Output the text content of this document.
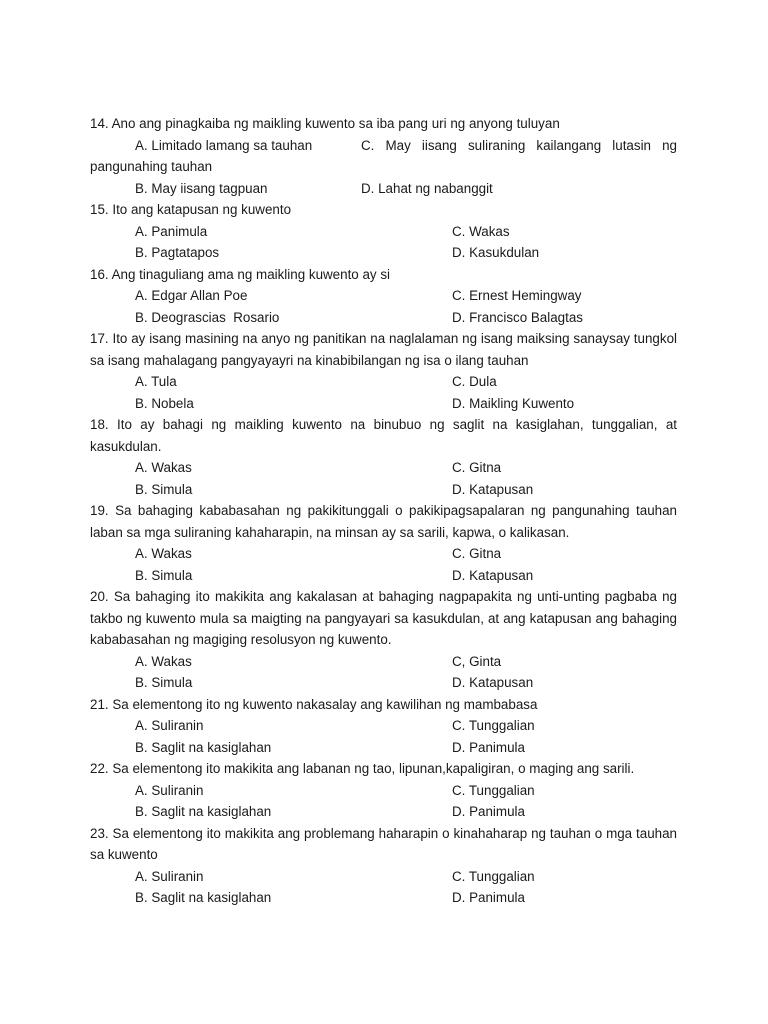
14. Ano ang pinagkaiba ng maikling kuwento sa iba pang uri ng anyong tuluyan

A. Limitado lamang sa tauhan	C. May iisang suliraning kailangang lutasin ng pangunahing tauhan
B. May iisang tagpuan	D. Lahat ng nabanggit

15. Ito ang katapusan ng kuwento

A. Panimula	C. Wakas
B. Pagtatapos	D. Kasukdulan

16. Ang tinaguliang ama ng maikling kuwento ay si

A. Edgar Allan Poe	C. Ernest Hemingway
B. Deograscias  Rosario	D. Francisco Balagtas

17. Ito ay isang masining na anyo ng panitikan na naglalaman ng isang maiksing sanaysay tungkol sa isang mahalagang pangyayayri na kinabibilangan ng isa o ilang tauhan

A. Tula	C. Dula
B. Nobela	D. Maikling Kuwento

18. Ito ay bahagi ng maikling kuwento na binubuo ng saglit na kasiglahan, tunggalian, at kasukdulan.

A. Wakas	C. Gitna
B. Simula	D. Katapusan

19. Sa bahaging kababasahan ng pakikitunggali o pakikipagsapalaran ng pangunahing tauhan laban sa mga suliraning kahaharapin, na minsan ay sa sarili, kapwa, o kalikasan.

A. Wakas	C. Gitna
B. Simula	D. Katapusan

20. Sa bahaging ito makikita ang kakalasan at bahaging nagpapakita ng unti-unting pagbaba ng takbo ng kuwento mula sa maigting na pangyayari sa kasukdulan, at ang katapusan ang bahaging kababasahan ng magiging resolusyon ng kuwento.

A. Wakas	C, Ginta
B. Simula	D. Katapusan

21. Sa elementong ito ng kuwento nakasalay ang kawilihan ng mambabasa

A. Suliranin	C. Tunggalian
B. Saglit na kasiglahan	D. Panimula

22. Sa elementong ito makikita ang labanan ng tao, lipunan,kapaligiran, o maging ang sarili.

A. Suliranin	C. Tunggalian
B. Saglit na kasiglahan	D. Panimula

23. Sa elementong ito makikita ang problemang haharapin o kinahaharap ng tauhan o mga tauhan sa kuwento

A. Suliranin	C. Tunggalian
B. Saglit na kasiglahan	D. Panimula
